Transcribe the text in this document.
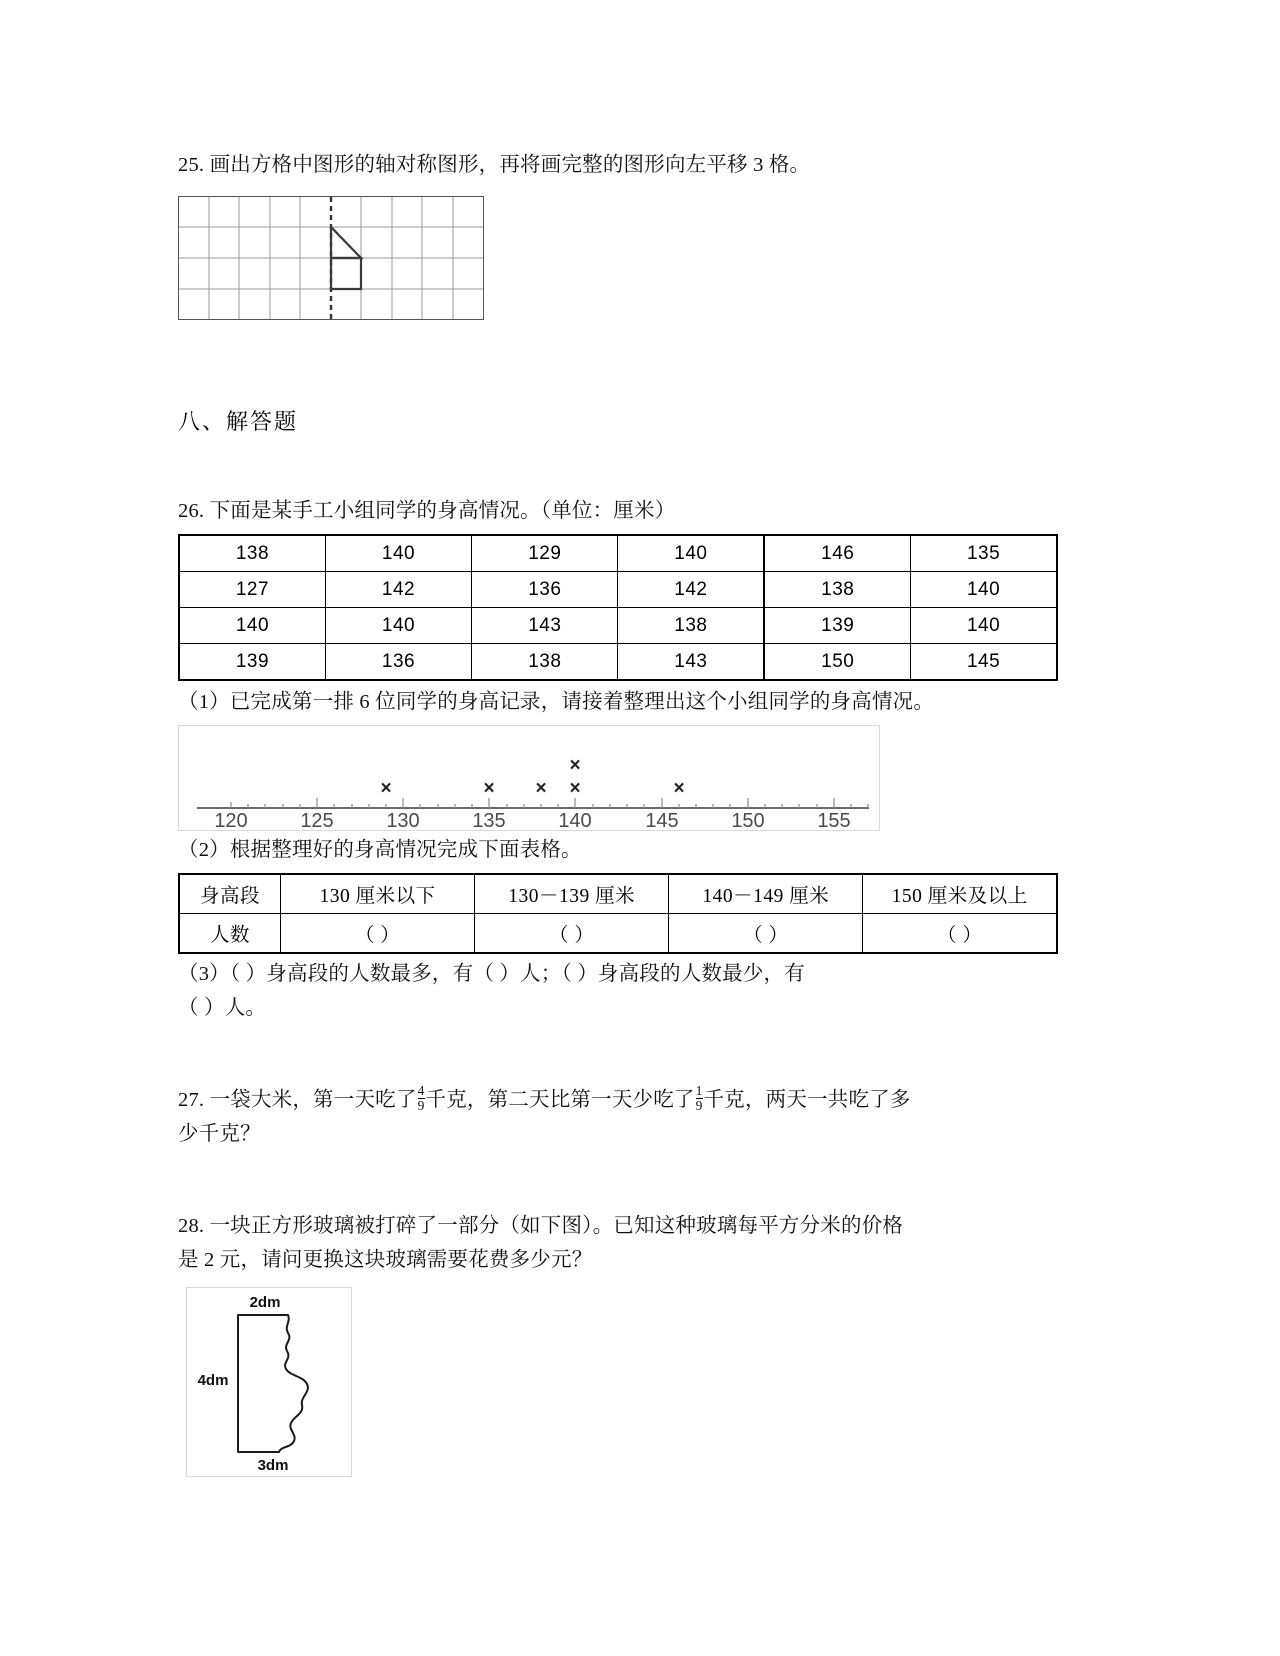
25. 画出方格中图形的轴对称图形，再将画完整的图形向左平移 3 格。
八、解答题
26. 下面是某手工小组同学的身高情况。（单位：厘米）
138	140	129	140	146	135
127	142	136	142	138	140
140	140	143	138	139	140
139	136	138	143	150	145
（1）已完成第一排 6 位同学的身高记录，请接着整理出这个小组同学的身高情况。
120	125	130	135	140	145	150	155
×	× × ×
×
×
（2）根据整理好的身高情况完成下面表格。
身高段	130 厘米以下	130－139 厘米	140－149 厘米	150 厘米及以上
人数	（ ）	（ ）	（ ）	（ ）
（3）（ ）身高段的人数最多，有（ ）人；（ ）身高段的人数最少，有
（ ）人。
27. 一袋大米，第一天吃了 $\frac{4}{9}$ 千克，第二天比第一天少吃了 $\frac{1}{9}$ 千克，两天一共吃了多
少千克？
28. 一块正方形玻璃被打碎了一部分（如下图）。已知这种玻璃每平方分米的价格
是 2 元，请问更换这块玻璃需要花费多少元？
2dm
4dm
3dm
